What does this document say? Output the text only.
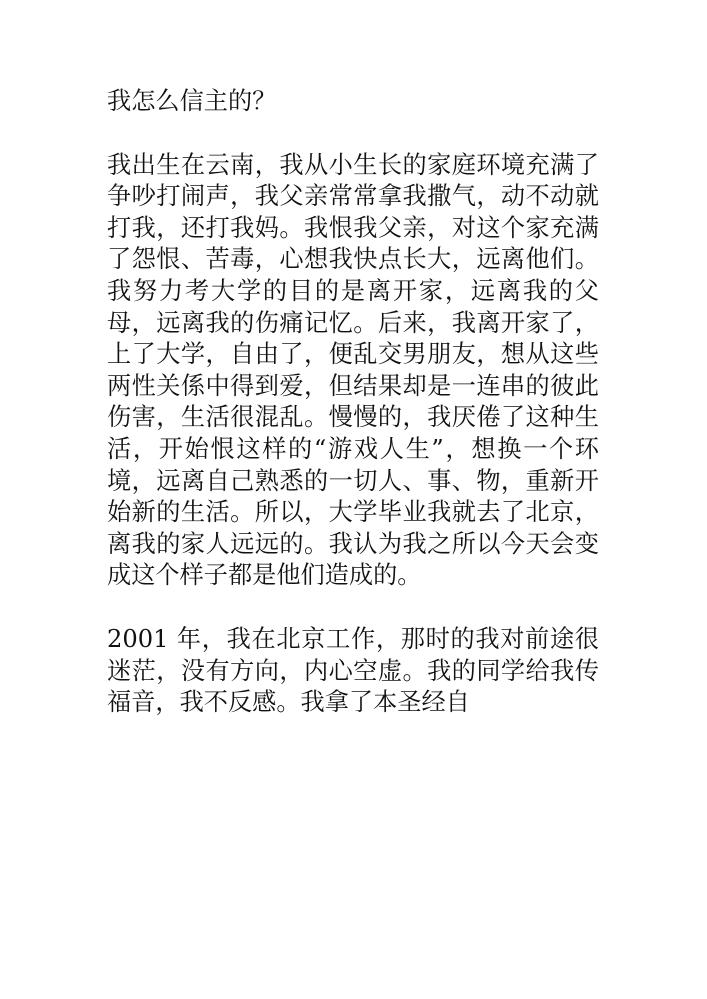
我怎么信主的？

我出生在云南，我从小生长的家庭环境充满了争吵打闹声，我父亲常常拿我撒气，动不动就打我，还打我妈。我恨我父亲，对这个家充满了怨恨、苦毒，心想我快点长大，远离他们。我努力考大学的目的是离开家，远离我的父母，远离我的伤痛记忆。后来，我离开家了，上了大学，自由了，便乱交男朋友，想从这些两性关係中得到爱，但结果却是一连串的彼此伤害，生活很混乱。慢慢的，我厌倦了这种生活，开始恨这样的“游戏人生”，想换一个环境，远离自己熟悉的一切人、事、物，重新开始新的生活。所以，大学毕业我就去了北京，离我的家人远远的。我认为我之所以今天会变成这个样子都是他们造成的。

2001 年，我在北京工作，那时的我对前途很迷茫，没有方向，内心空虚。我的同学给我传福音，我不反感。我拿了本圣经自
